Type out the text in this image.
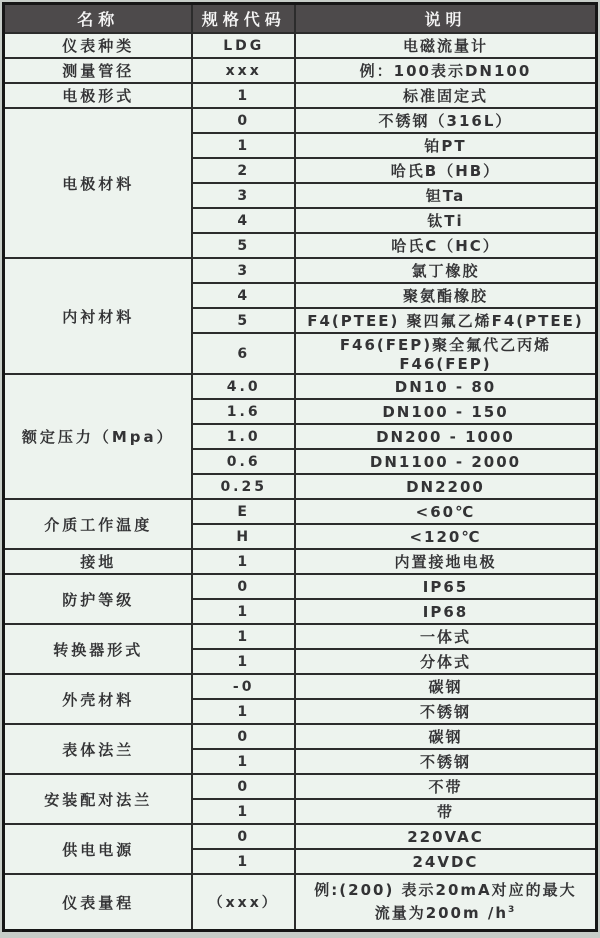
名称	规格代码	说明
仪表种类	LDG	电磁流量计
测量管径	xxx	例：100表示DN100
电极形式	1	标准固定式
电极材料	0	不锈钢（316L）
	1	铂PT
	2	哈氏B（HB）
	3	钽Ta
	4	钛Ti
	5	哈氏C（HC）
内衬材料	3	氯丁橡胶
	4	聚氨酯橡胶
	5	F4(PTEE) 聚四氟乙烯F4(PTEE)
	6	F46(FEP)聚全氟代乙丙烯F46(FEP)
额定压力（Mpa）	4.0	DN10 - 80
	1.6	DN100 - 150
	1.0	DN200 - 1000
	0.6	DN1100 - 2000
	0.25	DN2200
介质工作温度	E	<60℃
	H	<120℃
接地	1	内置接地电极
防护等级	0	IP65
	1	IP68
转换器形式	1	一体式
	1	分体式
外壳材料	-0	碳钢
	1	不锈钢
表体法兰	0	碳钢
	1	不锈钢
安装配对法兰	0	不带
	1	带
供电电源	0	220VAC
	1	24VDC
仪表量程	（xxx）	例:(200) 表示20mA对应的最大
流量为200m $/h^3$
